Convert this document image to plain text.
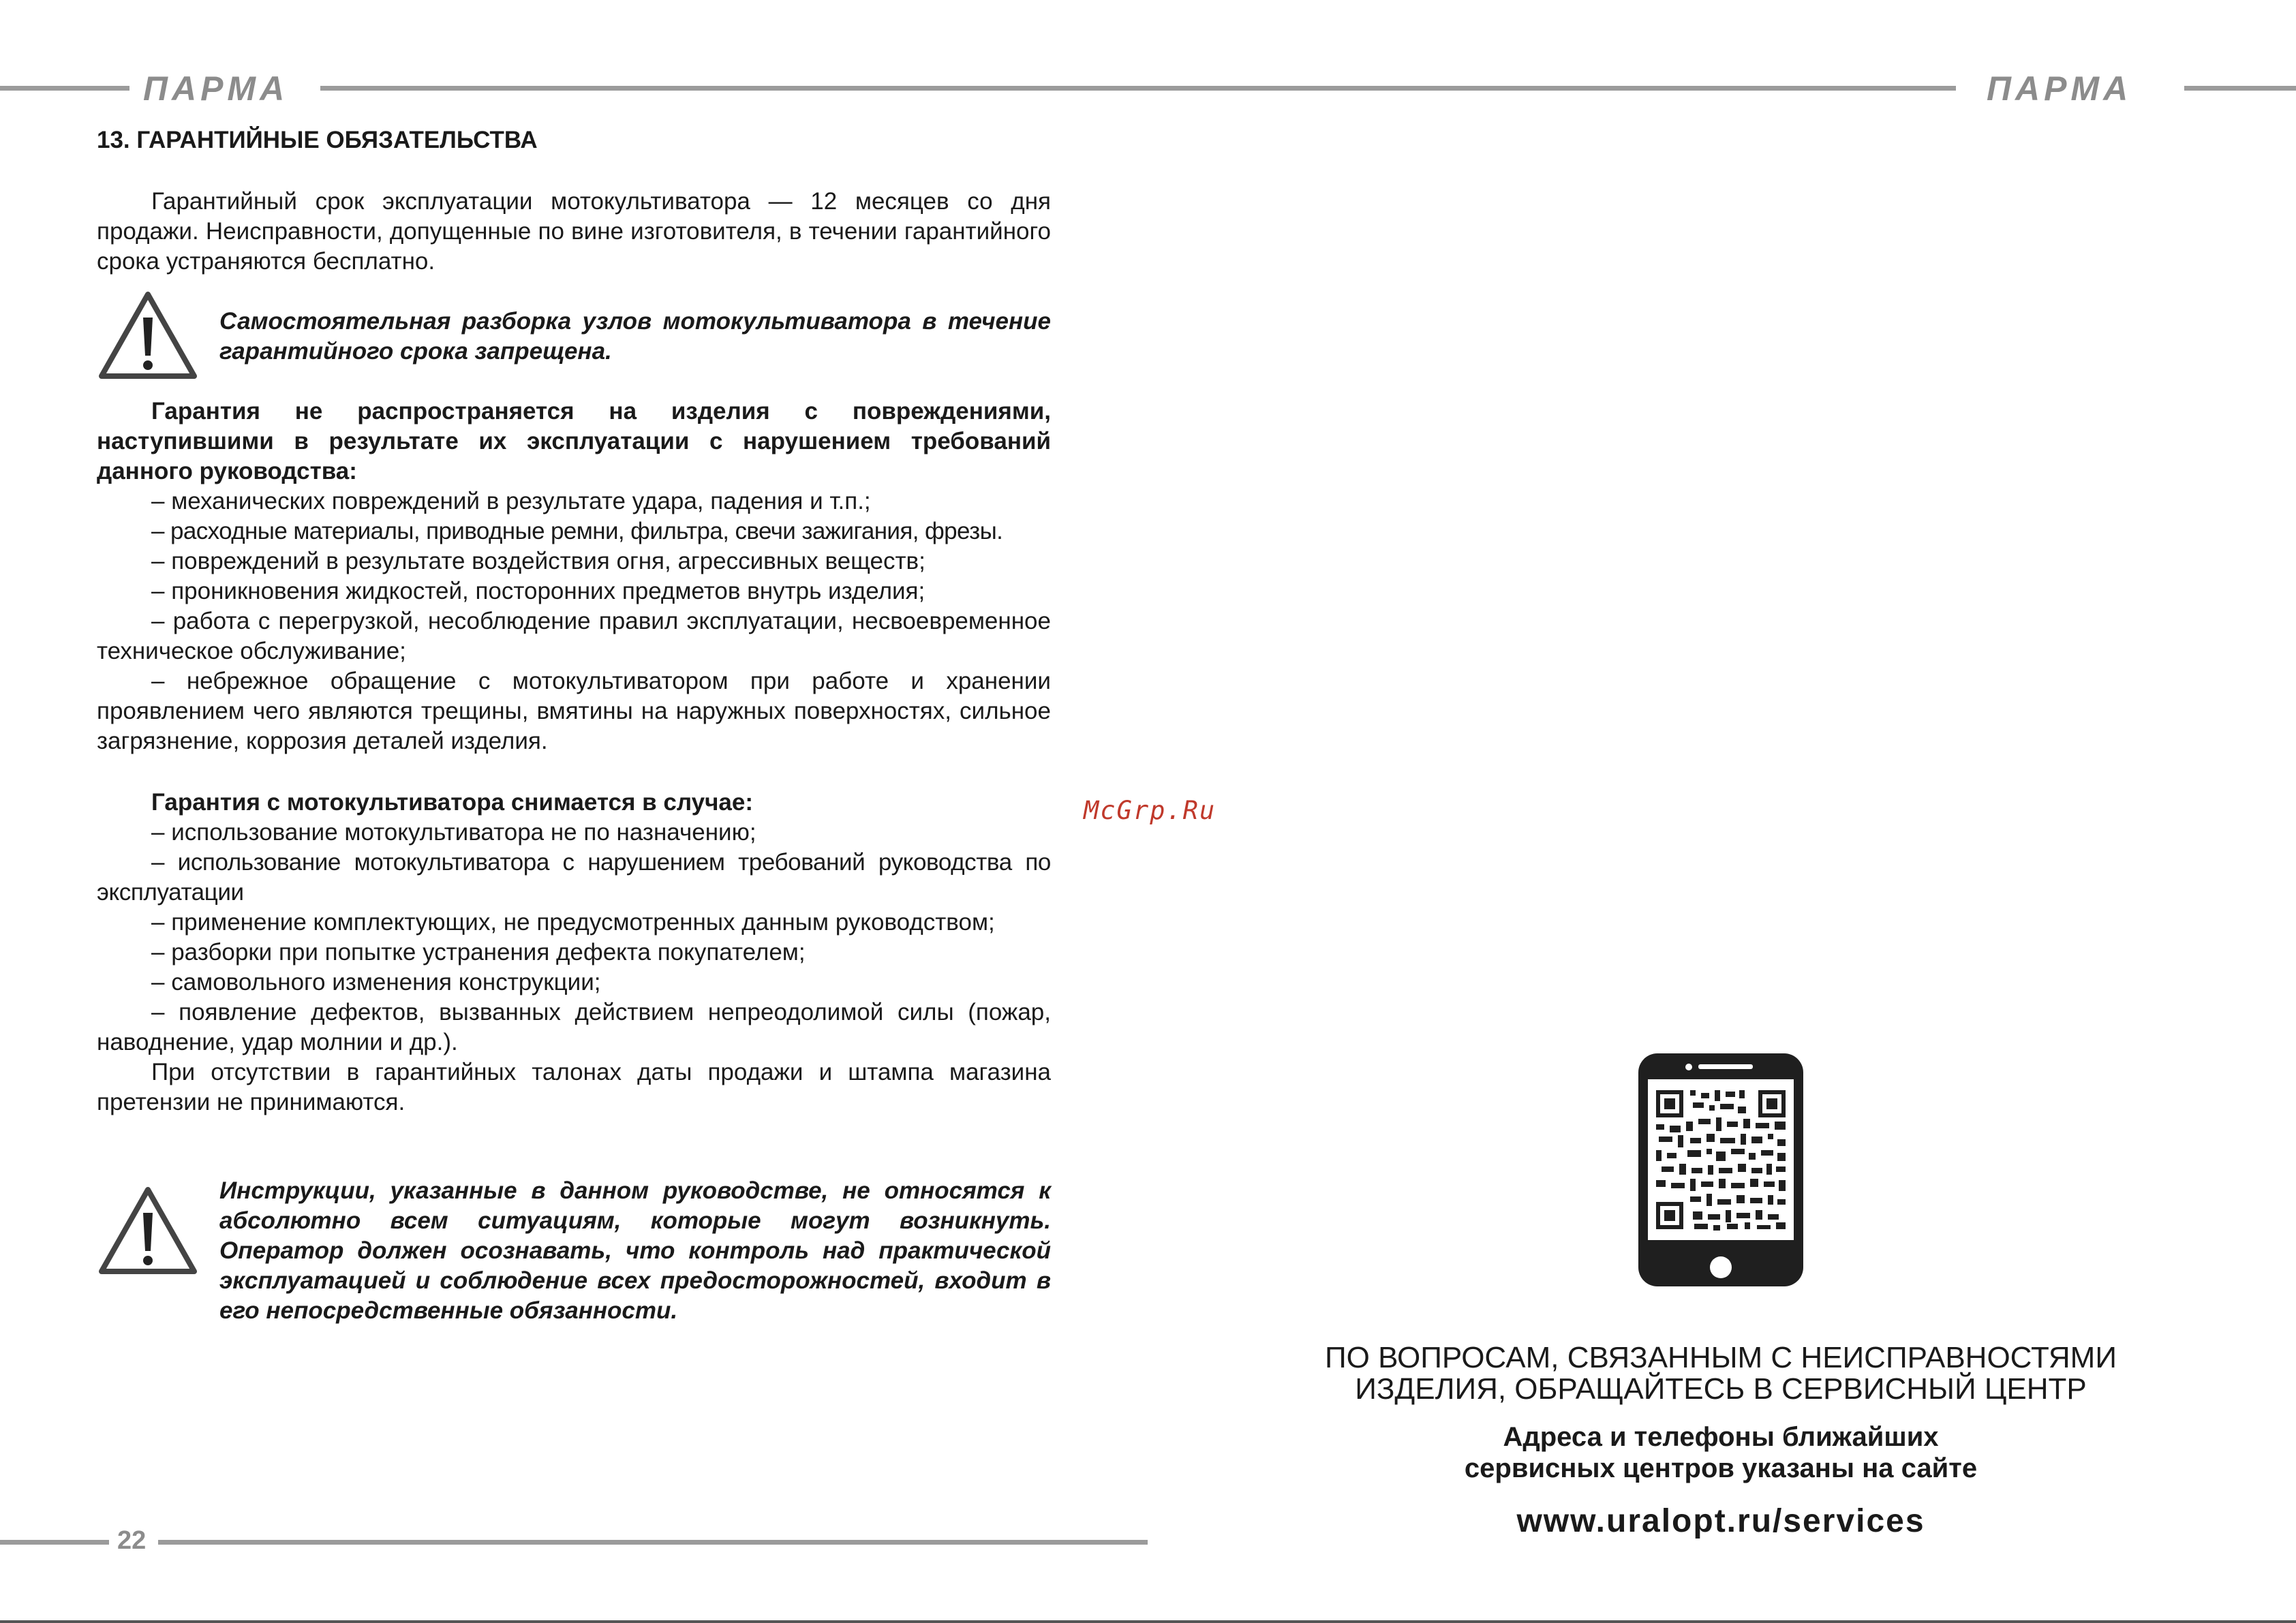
ПАРМА	ПАРМА
13. ГАРАНТИЙНЫЕ ОБЯЗАТЕЛЬСТВА

Гарантийный срок эксплуатации мотокультиватора — 12 месяцев со дня продажи. Неисправности, допущенные по вине изготовителя, в течении гарантийного срока устраняются бесплатно.

Самостоятельная разборка узлов мотокультиватора в течение гарантийного срока запрещена.

Гарантия не распространяется на изделия с повреждениями, наступившими в результате их эксплуатации с нарушением требований данного руководства:

– механических повреждений в результате удара, падения и т.п.;

– расходные материалы, приводные ремни, фильтра, свечи зажигания, фрезы.

– повреждений в результате воздействия огня, агрессивных веществ;

– проникновения жидкостей, посторонних предметов внутрь изделия;

– работа с перегрузкой, несоблюдение правил эксплуатации, несвоевременное техническое обслуживание;

– небрежное обращение с мотокультиватором при работе и хранении проявлением чего являются трещины, вмятины на наружных поверхностях, сильное загрязнение, коррозия деталей изделия.

Гарантия с мотокультиватора снимается в случае:

– использование мотокультиватора не по назначению;

– использование мотокультиватора с нарушением требований руководства по эксплуатации

– применение комплектующих, не предусмотренных данным руководством;

– разборки при попытке устранения дефекта покупателем;

– самовольного изменения конструкции;

– появление дефектов, вызванных действием непреодолимой силы (пожар, наводнение, удар молнии и др.).

При отсутствии в гарантийных талонах даты продажи и штампа магазина претензии не принимаются.

Инструкции, указанные в данном руководстве, не относятся к абсолютно всем ситуациям, которые могут возникнуть. Оператор должен осознавать, что контроль над практической эксплуатацией и соблюдение всех предосторожностей, входит в его непосредственные обязанности.
22
McGrp.Ru
ПО ВОПРОСАМ, СВЯЗАННЫМ С НЕИСПРАВНОСТЯМИ
ИЗДЕЛИЯ, ОБРАЩАЙТЕСЬ В СЕРВИСНЫЙ ЦЕНТР
Адреса и телефоны ближайших
сервисных центров указаны на сайте
www.uralopt.ru/services
